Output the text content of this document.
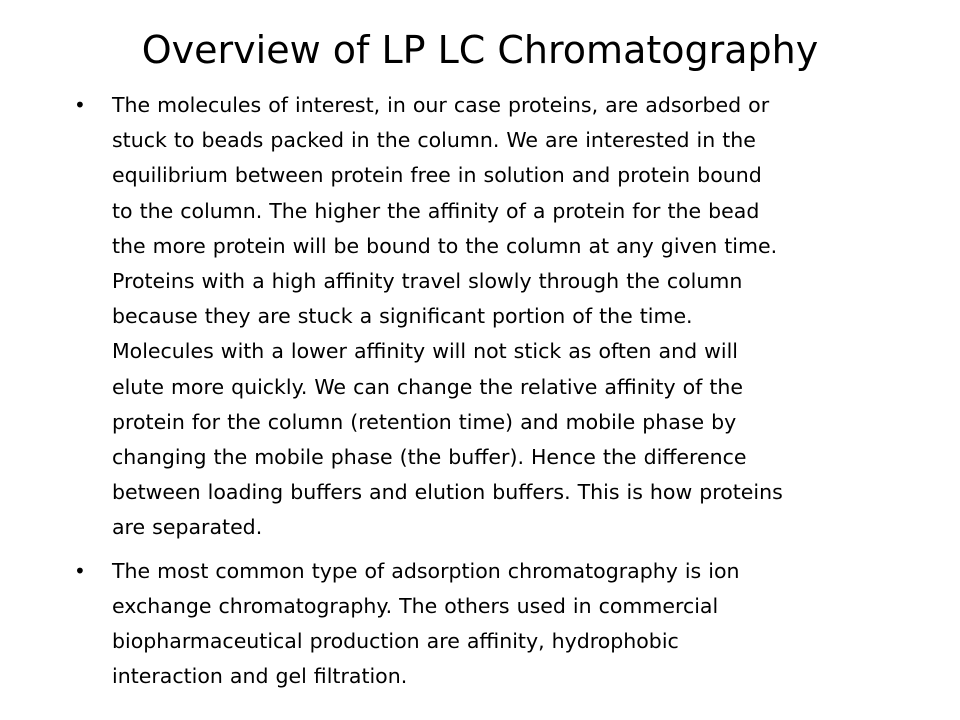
Overview of LP LC Chromatography
• The molecules of interest, in our case proteins, are adsorbed or
stuck to beads packed in the column. We are interested in the
equilibrium between protein free in solution and protein bound
to the column. The higher the affinity of a protein for the bead
the more protein will be bound to the column at any given time.
Proteins with a high affinity travel slowly through the column
because they are stuck a significant portion of the time.
Molecules with a lower affinity will not stick as often and will
elute more quickly. We can change the relative affinity of the
protein for the column (retention time) and mobile phase by
changing the mobile phase (the buffer). Hence the difference
between loading buffers and elution buffers. This is how proteins
are separated.
• The most common type of adsorption chromatography is ion
exchange chromatography. The others used in commercial
biopharmaceutical production are affinity, hydrophobic
interaction and gel filtration.
